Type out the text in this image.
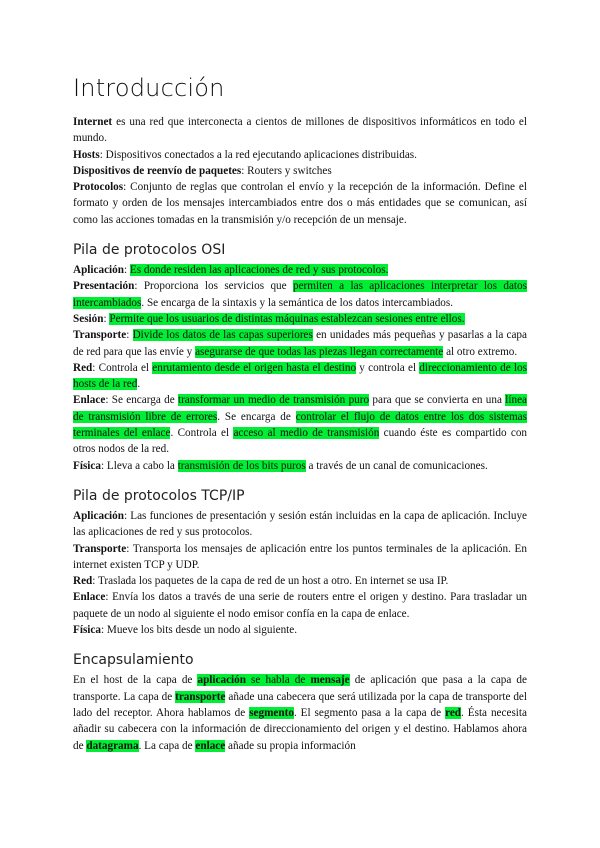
Introducción

Internet es una red que interconecta a cientos de millones de dispositivos informáticos en todo el mundo.

Hosts: Dispositivos conectados a la red ejecutando aplicaciones distribuidas.

Dispositivos de reenvío de paquetes: Routers y switches

Protocolos: Conjunto de reglas que controlan el envío y la recepción de la información. Define el formato y orden de los mensajes intercambiados entre dos o más entidades que se comunican, así como las acciones tomadas en la transmisión y/o recepción de un mensaje.

Pila de protocolos OSI

Aplicación: Es donde residen las aplicaciones de red y sus protocolos.

Presentación: Proporciona los servicios que permiten a las aplicaciones interpretar los datos intercambiados. Se encarga de la sintaxis y la semántica de los datos intercambiados.

Sesión: Permite que los usuarios de distintas máquinas establezcan sesiones entre ellos.

Transporte: Divide los datos de las capas superiores en unidades más pequeñas y pasarlas a la capa de red para que las envíe y asegurarse de que todas las piezas llegan correctamente al otro extremo.

Red: Controla el enrutamiento desde el origen hasta el destino y controla el direccionamiento de los hosts de la red.

Enlace: Se encarga de transformar un medio de transmisión puro para que se convierta en una línea de transmisión libre de errores. Se encarga de controlar el flujo de datos entre los dos sistemas terminales del enlace. Controla el acceso al medio de transmisión cuando éste es compartido con otros nodos de la red.

Física: Lleva a cabo la transmisión de los bits puros a través de un canal de comunicaciones.

Pila de protocolos TCP/IP

Aplicación: Las funciones de presentación y sesión están incluidas en la capa de aplicación. Incluye las aplicaciones de red y sus protocolos.

Transporte: Transporta los mensajes de aplicación entre los puntos terminales de la aplicación. En internet existen TCP y UDP.

Red: Traslada los paquetes de la capa de red de un host a otro. En internet se usa IP.

Enlace: Envía los datos a través de una serie de routers entre el origen y destino. Para trasladar un paquete de un nodo al siguiente el nodo emisor confía en la capa de enlace.

Física: Mueve los bits desde un nodo al siguiente.

Encapsulamiento

En el host de la capa de aplicación se habla de mensaje de aplicación que pasa a la capa de transporte. La capa de transporte añade una cabecera que será utilizada por la capa de transporte del lado del receptor. Ahora hablamos de segmento. El segmento pasa a la capa de red. Ésta necesita añadir su cabecera con la información de direccionamiento del origen y el destino. Hablamos ahora de datagrama. La capa de enlace añade su propia información
